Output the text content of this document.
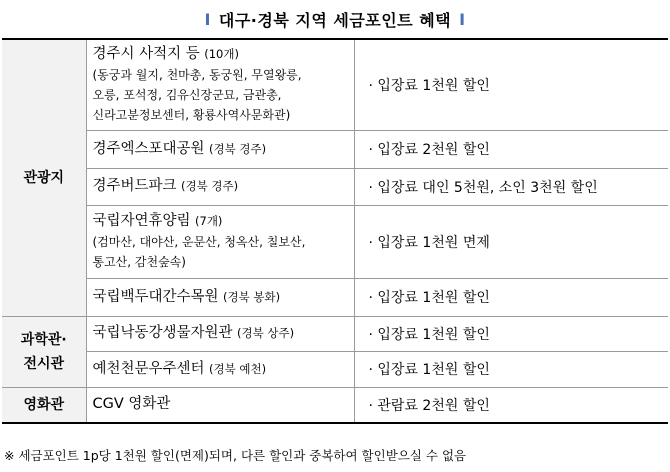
I 대구·경북 지역 세금포인트 혜택 I
관광지	경주시 사적지 등 (10개)
(동궁과 월지, 천마총, 동궁원, 무열왕릉,
오릉, 포석정, 김유신장군묘, 금관총,
신라고분정보센터, 황룡사역사문화관)	· 입장료 1천원 할인
	경주엑스포대공원 (경북 경주)	· 입장료 2천원 할인
	경주버드파크 (경북 경주)	· 입장료 대인 5천원, 소인 3천원 할인

	국립자연휴양림 (7개)
(검마산, 대야산, 운문산, 청옥산, 칠보산,
통고산, 감천숲속)	· 입장료 1천원 면제
	국립백두대간수목원 (경북 봉화)	· 입장료 1천원 할인
과학관·
전시관	국립낙동강생물자원관 (경북 상주)	· 입장료 1천원 할인
	예천천문우주센터 (경북 예천)	· 입장료 1천원 할인
영화관	CGV 영화관	· 관람료 2천원 할인
※ 세금포인트 1p당 1천원 할인(면제)되며, 다른 할인과 중복하여 할인받으실 수 없음
